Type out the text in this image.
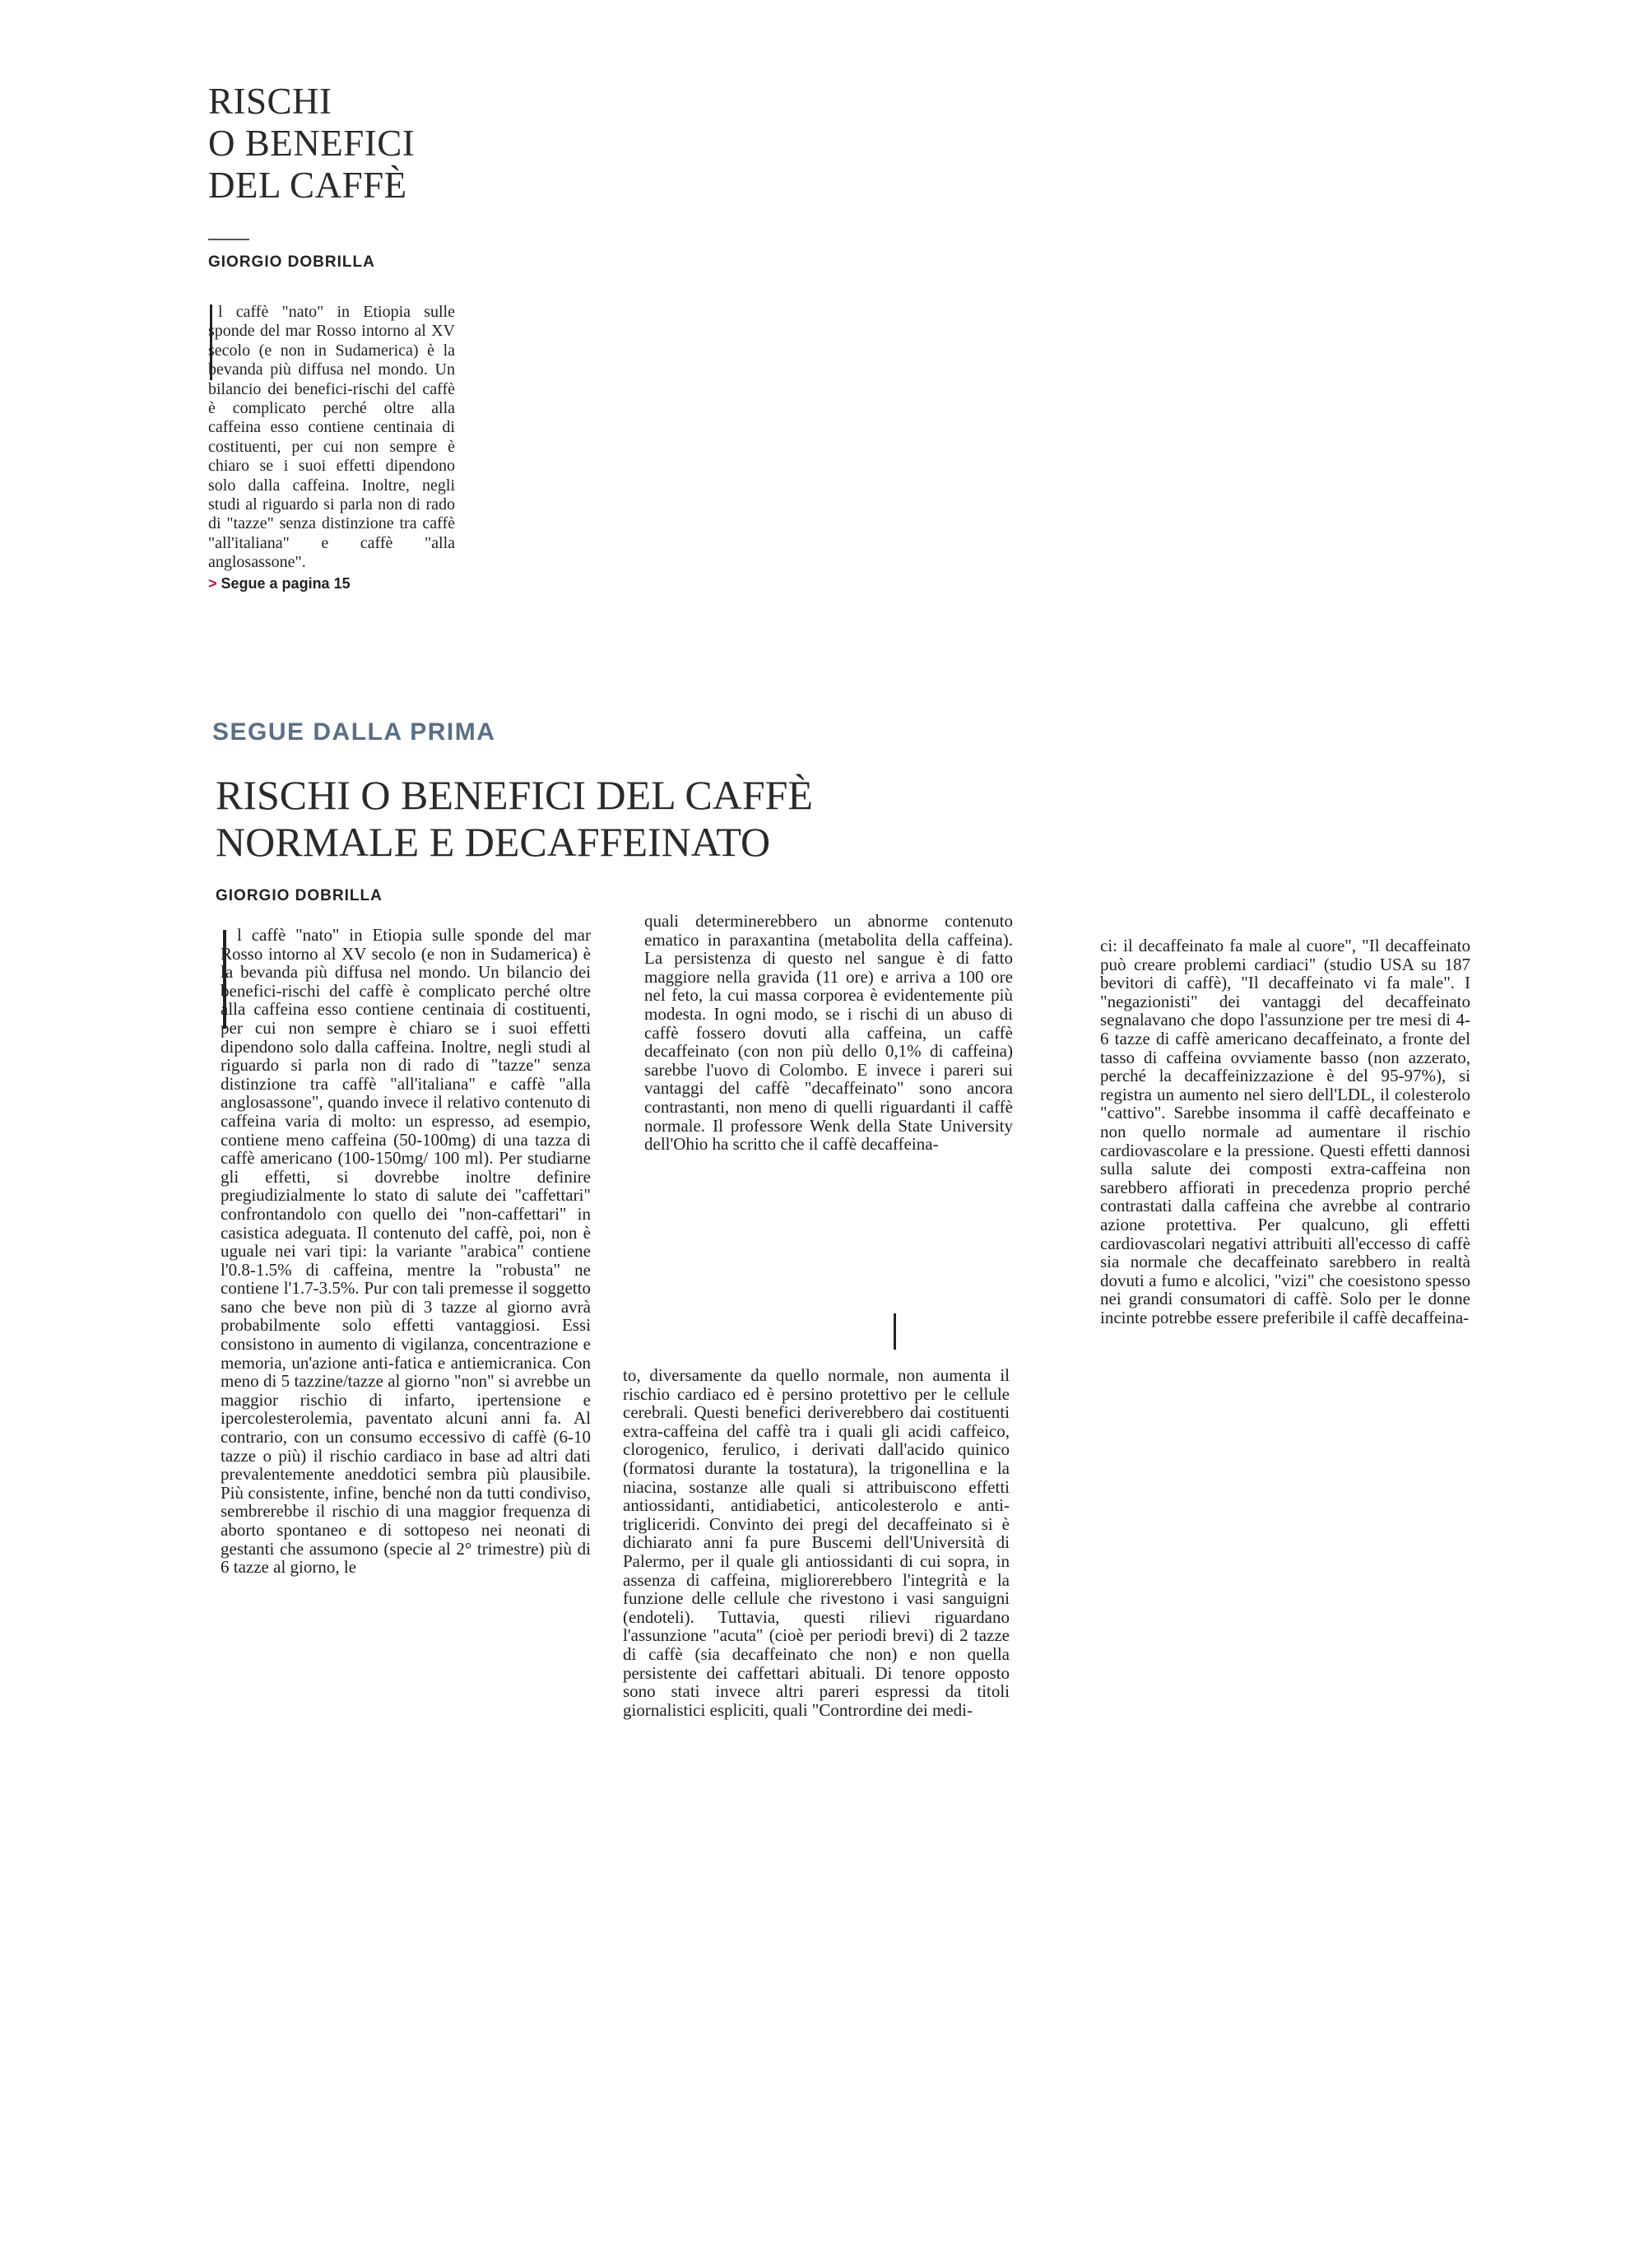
RISCHI
O BENEFICI
DEL CAFFÈ
GIORGIO DOBRILLA
l caffè "nato" in Etiopia sulle sponde del mar Rosso intorno al XV secolo (e non in Sudamerica) è la bevanda più diffusa nel mondo. Un bilancio dei benefici-rischi del caffè è complicato perché oltre alla caffeina esso contiene centinaia di costituenti, per cui non sempre è chiaro se i suoi effetti dipendono solo dalla caffeina. Inoltre, negli studi al riguardo si parla non di rado di "tazze" senza distinzione tra caffè "all'italiana" e caffè "alla anglosassone".
> Segue a pagina 15
SEGUE DALLA PRIMA
RISCHI O BENEFICI DEL CAFFÈ
NORMALE E DECAFFEINATO
GIORGIO DOBRILLA
l caffè "nato" in Etiopia sulle sponde del mar Rosso intorno al XV secolo (e non in Sudamerica) è la bevanda più diffusa nel mondo. Un bilancio dei benefici-rischi del caffè è complicato perché oltre alla caffeina esso contiene centinaia di costituenti, per cui non sempre è chiaro se i suoi effetti dipendono solo dalla caffeina. Inoltre, negli studi al riguardo si parla non di rado di "tazze" senza distinzione tra caffè "all'italiana" e caffè "alla anglosassone", quando invece il relativo contenuto di caffeina varia di molto: un espresso, ad esempio, contiene meno caffeina (50-100mg) di una tazza di caffè americano (100-150mg/ 100 ml). Per studiarne gli effetti, si dovrebbe inoltre definire pregiudizialmente lo stato di salute dei "caffettari" confrontandolo con quello dei "non-caffettari" in casistica adeguata. Il contenuto del caffè, poi, non è uguale nei vari tipi: la variante "arabica" contiene l'0.8-1.5% di caffeina, mentre la "robusta" ne contiene l'1.7-3.5%. Pur con tali premesse il soggetto sano che beve non più di 3 tazze al giorno avrà probabilmente solo effetti vantaggiosi. Essi consistono in aumento di vigilanza, concentrazione e memoria, un'azione anti-fatica e antiemicranica. Con meno di 5 tazzine/tazze al giorno "non" si avrebbe un maggior rischio di infarto, ipertensione e ipercolesterolemia, paventato alcuni anni fa. Al contrario, con un consumo eccessivo di caffè (6-10 tazze o più) il rischio cardiaco in base ad altri dati prevalentemente aneddotici sembra più plausibile. Più consistente, infine, benché non da tutti condiviso, sembrerebbe il rischio di una maggior frequenza di aborto spontaneo e di sottopeso nei neonati di gestanti che assumono (specie al 2° trimestre) più di 6 tazze al giorno, le
quali determinerebbero un abnorme contenuto ematico in paraxantina (metabolita della caffeina). La persistenza di questo nel sangue è di fatto maggiore nella gravida (11 ore) e arriva a 100 ore nel feto, la cui massa corporea è evidentemente più modesta. In ogni modo, se i rischi di un abuso di caffè fossero dovuti alla caffeina, un caffè decaffeinato (con non più dello 0,1% di caffeina) sarebbe l'uovo di Colombo. E invece i pareri sui vantaggi del caffè "decaffeinato" sono ancora contrastanti, non meno di quelli riguardanti il caffè normale. Il professore Wenk della State University dell'Ohio ha scritto che il caffè decaffeina-
to, diversamente da quello normale, non aumenta il rischio cardiaco ed è persino protettivo per le cellule cerebrali. Questi benefici deriverebbero dai costituenti extra-caffeina del caffè tra i quali gli acidi caffeico, clorogenico, ferulico, i derivati dall'acido quinico (formatosi durante la tostatura), la trigonellina e la niacina, sostanze alle quali si attribuiscono effetti antiossidanti, antidiabetici, anticolesterolo e anti-trigliceridi. Convinto dei pregi del decaffeinato si è dichiarato anni fa pure Buscemi dell'Università di Palermo, per il quale gli antiossidanti di cui sopra, in assenza di caffeina, migliorerebbero l'integrità e la funzione delle cellule che rivestono i vasi sanguigni (endoteli). Tuttavia, questi rilievi riguardano l'assunzione "acuta" (cioè per periodi brevi) di 2 tazze di caffè (sia decaffeinato che non) e non quella persistente dei caffettari abituali. Di tenore opposto sono stati invece altri pareri espressi da titoli giornalistici espliciti, quali "Contrordine dei medi-
ci: il decaffeinato fa male al cuore", "Il decaffeinato può creare problemi cardiaci" (studio USA su 187 bevitori di caffè), "Il decaffeinato vi fa male". I "negazionisti" dei vantaggi del decaffeinato segnalavano che dopo l'assunzione per tre mesi di 4-6 tazze di caffè americano decaffeinato, a fronte del tasso di caffeina ovviamente basso (non azzerato, perché la decaffeinizzazione è del 95-97%), si registra un aumento nel siero dell'LDL, il colesterolo "cattivo". Sarebbe insomma il caffè decaffeinato e non quello normale ad aumentare il rischio cardiovascolare e la pressione. Questi effetti dannosi sulla salute dei composti extra-caffeina non sarebbero affiorati in precedenza proprio perché contrastati dalla caffeina che avrebbe al contrario azione protettiva. Per qualcuno, gli effetti cardiovascolari negativi attribuiti all'eccesso di caffè sia normale che decaffeinato sarebbero in realtà dovuti a fumo e alcolici, "vizi" che coesistono spesso nei grandi consumatori di caffè. Solo per le donne incinte potrebbe essere preferibile il caffè decaffeina-
